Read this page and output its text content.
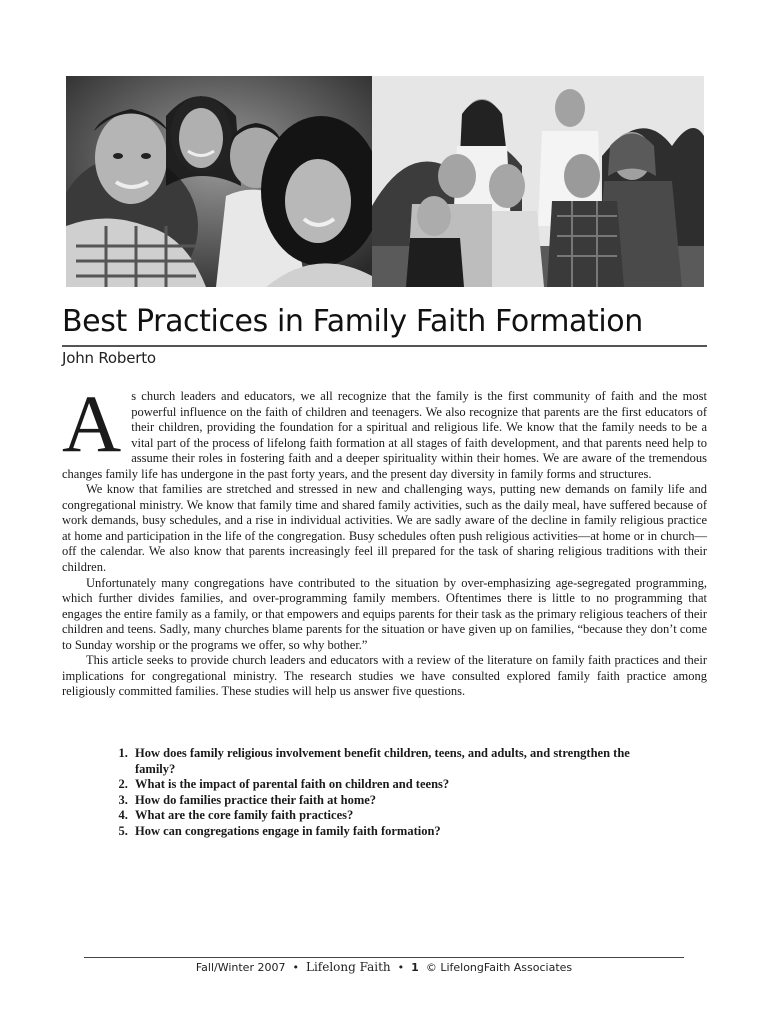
Best Practices in Family Faith Formation
John Roberto

As church leaders and educators, we all recognize that the family is the first community of faith and the most powerful influence on the faith of children and teenagers. We also recognize that parents are the first educators of their children, providing the foundation for a spiritual and religious life. We know that the family needs to be a vital part of the process of lifelong faith formation at all stages of faith development, and that parents need help to assume their roles in fostering faith and a deeper spirituality within their homes. We are aware of the tremendous changes family life has undergone in the past forty years, and the present day diversity in family forms and structures.

We know that families are stretched and stressed in new and challenging ways, putting new demands on family life and congregational ministry. We know that family time and shared family activities, such as the daily meal, have suffered because of work demands, busy schedules, and a rise in individual activities. We are sadly aware of the decline in family religious practice at home and participation in the life of the congregation. Busy schedules often push religious activities—at home or in church—off the calendar. We also know that parents increasingly feel ill prepared for the task of sharing religious traditions with their children.

Unfortunately many congregations have contributed to the situation by over-emphasizing age-segregated programming, which further divides families, and over-programming family members. Oftentimes there is little to no programming that engages the entire family as a family, or that empowers and equips parents for their task as the primary religious teachers of their children and teens. Sadly, many churches blame parents for the situation or have given up on families, “because they don’t come to Sunday worship or the programs we offer, so why bother.”

This article seeks to provide church leaders and educators with a review of the literature on family faith practices and their implications for congregational ministry. The research studies we have consulted explored family faith practice among religiously committed families. These studies will help us answer five questions.

1. How does family religious involvement benefit children, teens, and adults, and strengthen the family?
2. What is the impact of parental faith on children and teens?
3. How do families practice their faith at home?
4. What are the core family faith practices?
5. How can congregations engage in family faith formation?
Fall/Winter 2007 • Lifelong Faith • 1 © LifelongFaith Associates
